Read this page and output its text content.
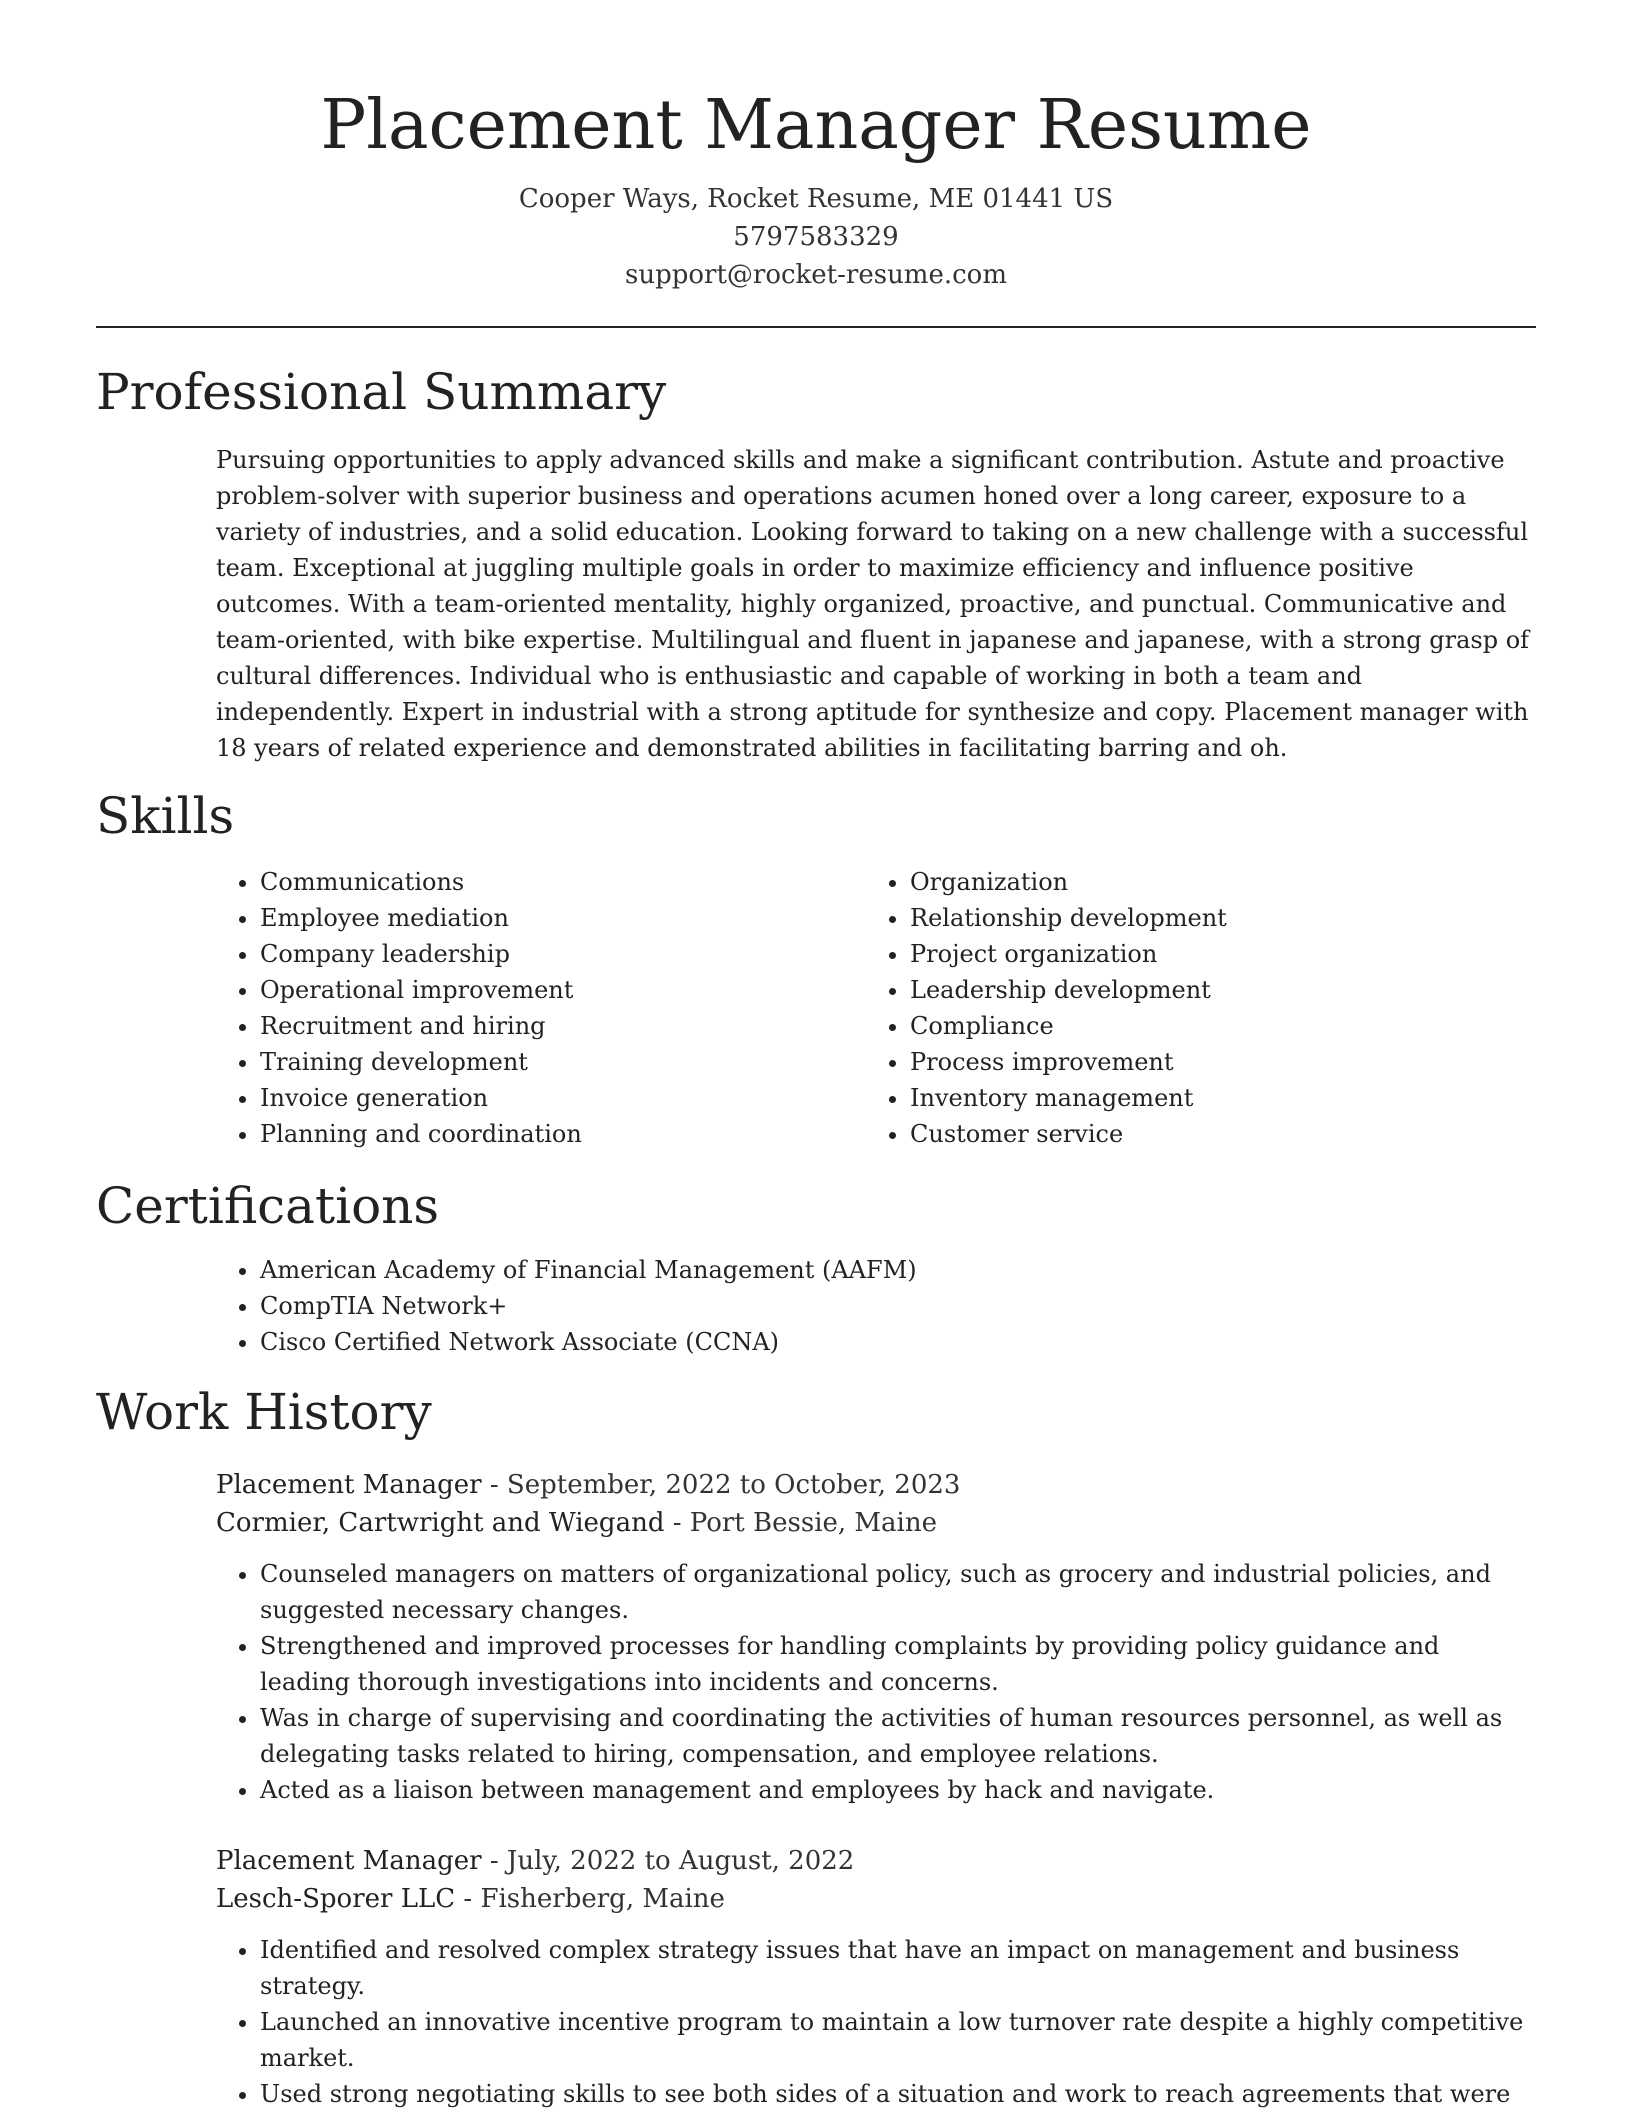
Placement Manager Resume
Cooper Ways, Rocket Resume, ME 01441 US
5797583329
support@rocket-resume.com
Professional Summary

Pursuing opportunities to apply advanced skills and make a significant contribution. Astute and proactive problem-solver with superior business and operations acumen honed over a long career, exposure to a variety of industries, and a solid education. Looking forward to taking on a new challenge with a successful team. Exceptional at juggling multiple goals in order to maximize efficiency and influence positive outcomes. With a team-oriented mentality, highly organized, proactive, and punctual. Communicative and team-oriented, with bike expertise. Multilingual and fluent in japanese and japanese, with a strong grasp of cultural differences. Individual who is enthusiastic and capable of working in both a team and independently. Expert in industrial with a strong aptitude for synthesize and copy. Placement manager with 18 years of related experience and demonstrated abilities in facilitating barring and oh.

Skills
• Communications
• Employee mediation
• Company leadership
• Operational improvement
• Recruitment and hiring
• Training development
• Invoice generation
• Planning and coordination
• Organization
• Relationship development
• Project organization
• Leadership development
• Compliance
• Process improvement
• Inventory management
• Customer service
Certifications
• American Academy of Financial Management (AAFM)
• CompTIA Network+
• Cisco Certified Network Associate (CCNA)
Work History
Placement Manager - September, 2022 to October, 2023
Cormier, Cartwright and Wiegand - Port Bessie, Maine
• Counseled managers on matters of organizational policy, such as grocery and industrial policies, and suggested necessary changes.
• Strengthened and improved processes for handling complaints by providing policy guidance and leading thorough investigations into incidents and concerns.
• Was in charge of supervising and coordinating the activities of human resources personnel, as well as delegating tasks related to hiring, compensation, and employee relations.
• Acted as a liaison between management and employees by hack and navigate.
Placement Manager - July, 2022 to August, 2022
Lesch-Sporer LLC - Fisherberg, Maine
• Identified and resolved complex strategy issues that have an impact on management and business strategy.
• Launched an innovative incentive program to maintain a low turnover rate despite a highly competitive market.
• Used strong negotiating skills to see both sides of a situation and work to reach agreements that were
